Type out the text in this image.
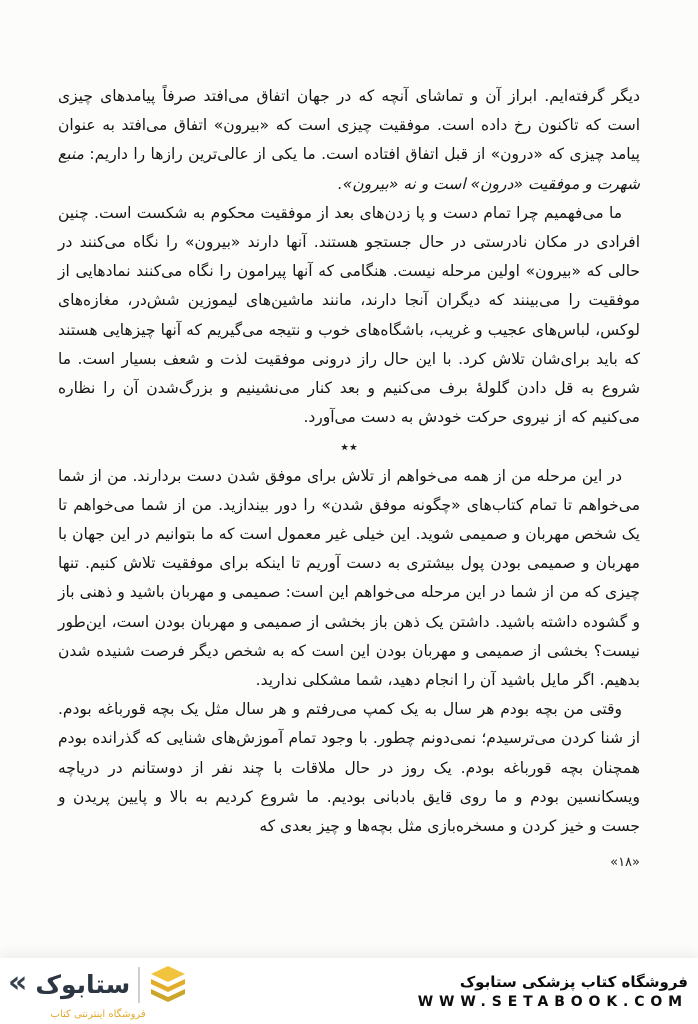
دیگر گرفته‌ایم. ابراز آن و تماشای آنچه که در جهان اتفاق می‌افتد صرفاً پیامدهای چیزی است که تاکنون رخ داده است. موفقیت چیزی است که «بیرون» اتفاق می‌افتد به عنوان پیامد چیزی که «درون» از قبل اتفاق افتاده است. ما یکی از عالی‌ترین رازها را داریم: منبع شهرت و موفقیت «درون» است و نه «بیرون».

ما می‌فهمیم چرا تمام دست و پا زدن‌های بعد از موفقیت محکوم به شکست است. چنین افرادی در مکان نادرستی در حال جستجو هستند. آنها دارند «بیرون» را نگاه می‌کنند در حالی که «بیرون» اولین مرحله نیست. هنگامی که آنها پیرامون را نگاه می‌کنند نمادهایی از موفقیت را می‌بینند که دیگران آنجا دارند، مانند ماشین‌های لیموزین شش‌در، مغازه‌های لوکس، لباس‌های عجیب و غریب، باشگاه‌های خوب و نتیجه می‌گیریم که آنها چیزهایی هستند که باید برای‌شان تلاش کرد. با این حال راز درونی موفقیت لذت و شعف بسیار است. ما شروع به قل دادن گلولهٔ برف می‌کنیم و بعد کنار می‌نشینیم و بزرگ‌شدن آن را نظاره می‌کنیم که از نیروی حرکت خودش به دست می‌آورد.

٭٭

در این مرحله من از همه می‌خواهم از تلاش برای موفق شدن دست بردارند. من از شما می‌خواهم تا تمام کتاب‌های «چگونه موفق شدن» را دور بیندازید. من از شما می‌خواهم تا یک شخص مهربان و صمیمی شوید. این خیلی غیر معمول است که ما بتوانیم در این جهان با مهربان و صمیمی بودن پول بیشتری به دست آوریم تا اینکه برای موفقیت تلاش کنیم. تنها چیزی که من از شما در این مرحله می‌خواهم این است: صمیمی و مهربان باشید و ذهنی باز و گشوده داشته باشید. داشتن یک ذهن باز بخشی از صمیمی و مهربان بودن است، این‌طور نیست؟ بخشی از صمیمی و مهربان بودن این است که به شخص دیگر فرصت شنیده شدن بدهیم. اگر مایل باشید آن را انجام دهید، شما مشکلی ندارید.

وقتی من بچه بودم هر سال به یک کمپ می‌رفتم و هر سال مثل یک بچه قورباغه بودم. از شنا کردن می‌ترسیدم؛ نمی‌دونم چطور. با وجود تمام آموزش‌های شنایی که گذرانده بودم همچنان بچه قورباغه بودم. یک روز در حال ملاقات با چند نفر از دوستانم در دریاچه ویسکانسین بودم و ما روی قایق بادبانی بودیم. ما شروع کردیم به بالا و پایین پریدن و جست و خیز کردن و مسخره‌بازی مثل بچه‌ها و چیز بعدی که

«۱۸»
فروشگاه کتاب پزشکی ستابوک
WWW.SETABOOK.COM
« ستابوک
فروشگاه اینترنتی کتاب
